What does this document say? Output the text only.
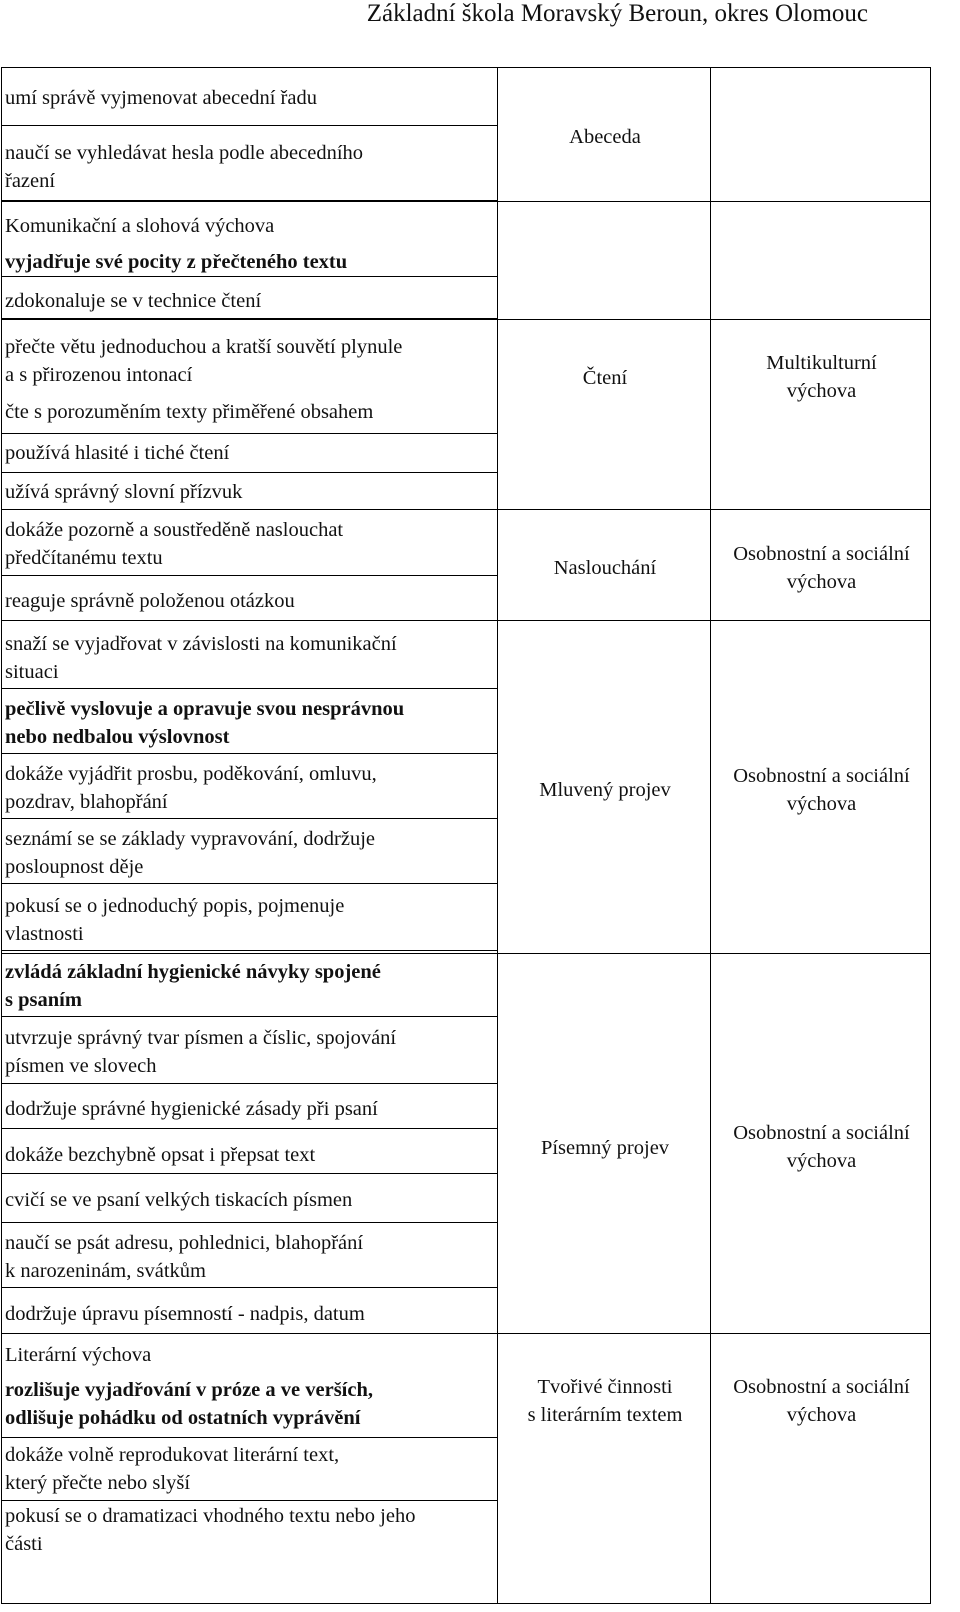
Základní škola Moravský Beroun, okres Olomouc
umí správě vyjmenovat abecední řadu
naučí se vyhledávat hesla podle abecedního
řazení
Komunikační a slohová výchova
vyjadřuje své pocity z přečteného textu
zdokonaluje se v technice čtení
přečte větu jednoduchou a kratší souvětí plynule
a s přirozenou intonací
čte s porozuměním texty přiměřené obsahem
používá hlasité i tiché čtení
užívá správný slovní přízvuk
dokáže pozorně a soustředěně naslouchat
předčítanému textu
reaguje správně položenou otázkou
snaží se vyjadřovat v závislosti na komunikační
situaci
pečlivě vyslovuje a opravuje svou nesprávnou
nebo nedbalou výslovnost
dokáže vyjádřit prosbu, poděkování, omluvu,
pozdrav, blahopřání
seznámí se se základy vypravování, dodržuje
posloupnost děje
pokusí se o jednoduchý popis, pojmenuje
vlastnosti
zvládá základní hygienické návyky spojené
s psaním
utvrzuje správný tvar písmen a číslic, spojování
písmen ve slovech
dodržuje správné hygienické zásady při psaní
dokáže bezchybně opsat i přepsat text
cvičí se ve psaní velkých tiskacích písmen
naučí se psát adresu, pohlednici, blahopřání
k narozeninám, svátkům
dodržuje úpravu písemností - nadpis, datum
Literární výchova
rozlišuje vyjadřování v próze a ve verších,
odlišuje pohádku od ostatních vyprávění
dokáže volně reprodukovat literární text,
který přečte nebo slyší
pokusí se o dramatizaci vhodného textu nebo jeho
části
Abeceda
Čtení
Naslouchání
Mluvený projev
Písemný projev
Tvořivé činnosti
s literárním textem
Multikulturní
výchova
Osobnostní a sociální
výchova
Osobnostní a sociální
výchova
Osobnostní a sociální
výchova
Osobnostní a sociální
výchova
